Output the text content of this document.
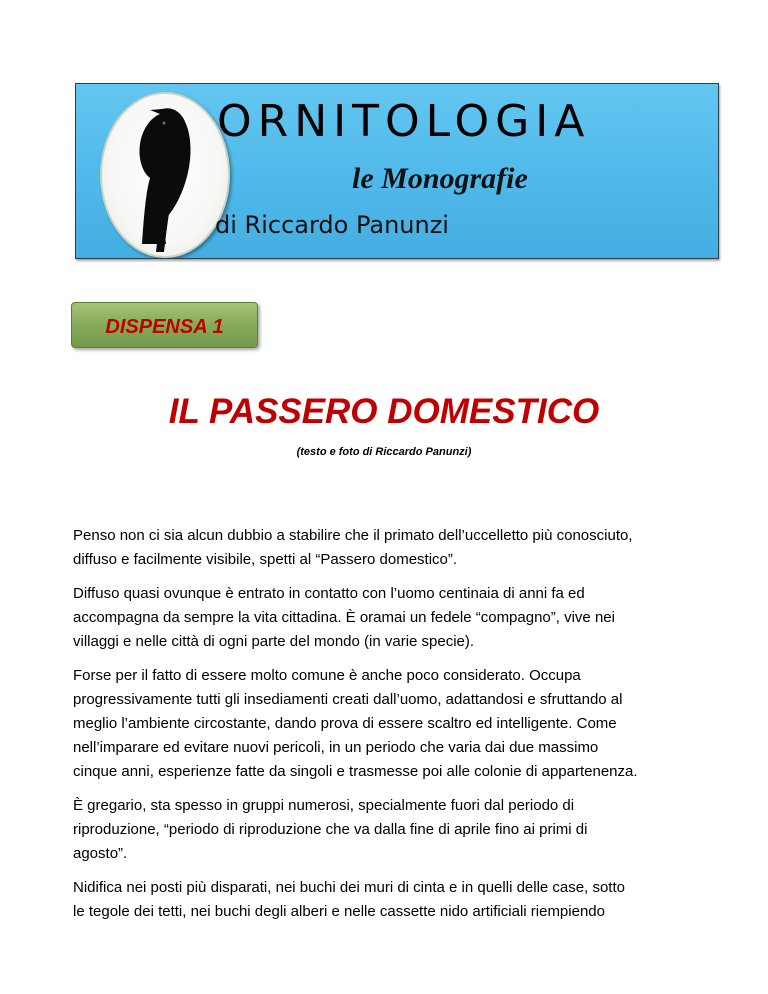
ORNITOLOGIA
le Monografie
di Riccardo Panunzi
DISPENSA 1
IL PASSERO DOMESTICO
(testo e foto di Riccardo Panunzi)

Penso non ci sia alcun dubbio a stabilire che il primato dell’uccelletto più conosciuto,
diffuso e facilmente visibile, spetti al “Passero domestico”.

Diffuso quasi ovunque è entrato in contatto con l’uomo centinaia di anni fa ed
accompagna da sempre la vita cittadina. È oramai un fedele “compagno”, vive nei
villaggi e nelle città di ogni parte del mondo (in varie specie).

Forse per il fatto di essere molto comune è anche poco considerato. Occupa
progressivamente tutti gli insediamenti creati dall’uomo, adattandosi e sfruttando al
meglio l’ambiente circostante, dando prova di essere scaltro ed intelligente. Come
nell’imparare ed evitare nuovi pericoli, in un periodo che varia dai due massimo
cinque anni, esperienze fatte da singoli e trasmesse poi alle colonie di appartenenza.

È gregario, sta spesso in gruppi numerosi, specialmente fuori dal periodo di
riproduzione, “periodo di riproduzione che va dalla fine di aprile fino ai primi di
agosto”.

Nidifica nei posti più disparati, nei buchi dei muri di cinta e in quelli delle case, sotto
le tegole dei tetti, nei buchi degli alberi e nelle cassette nido artificiali riempiendo
